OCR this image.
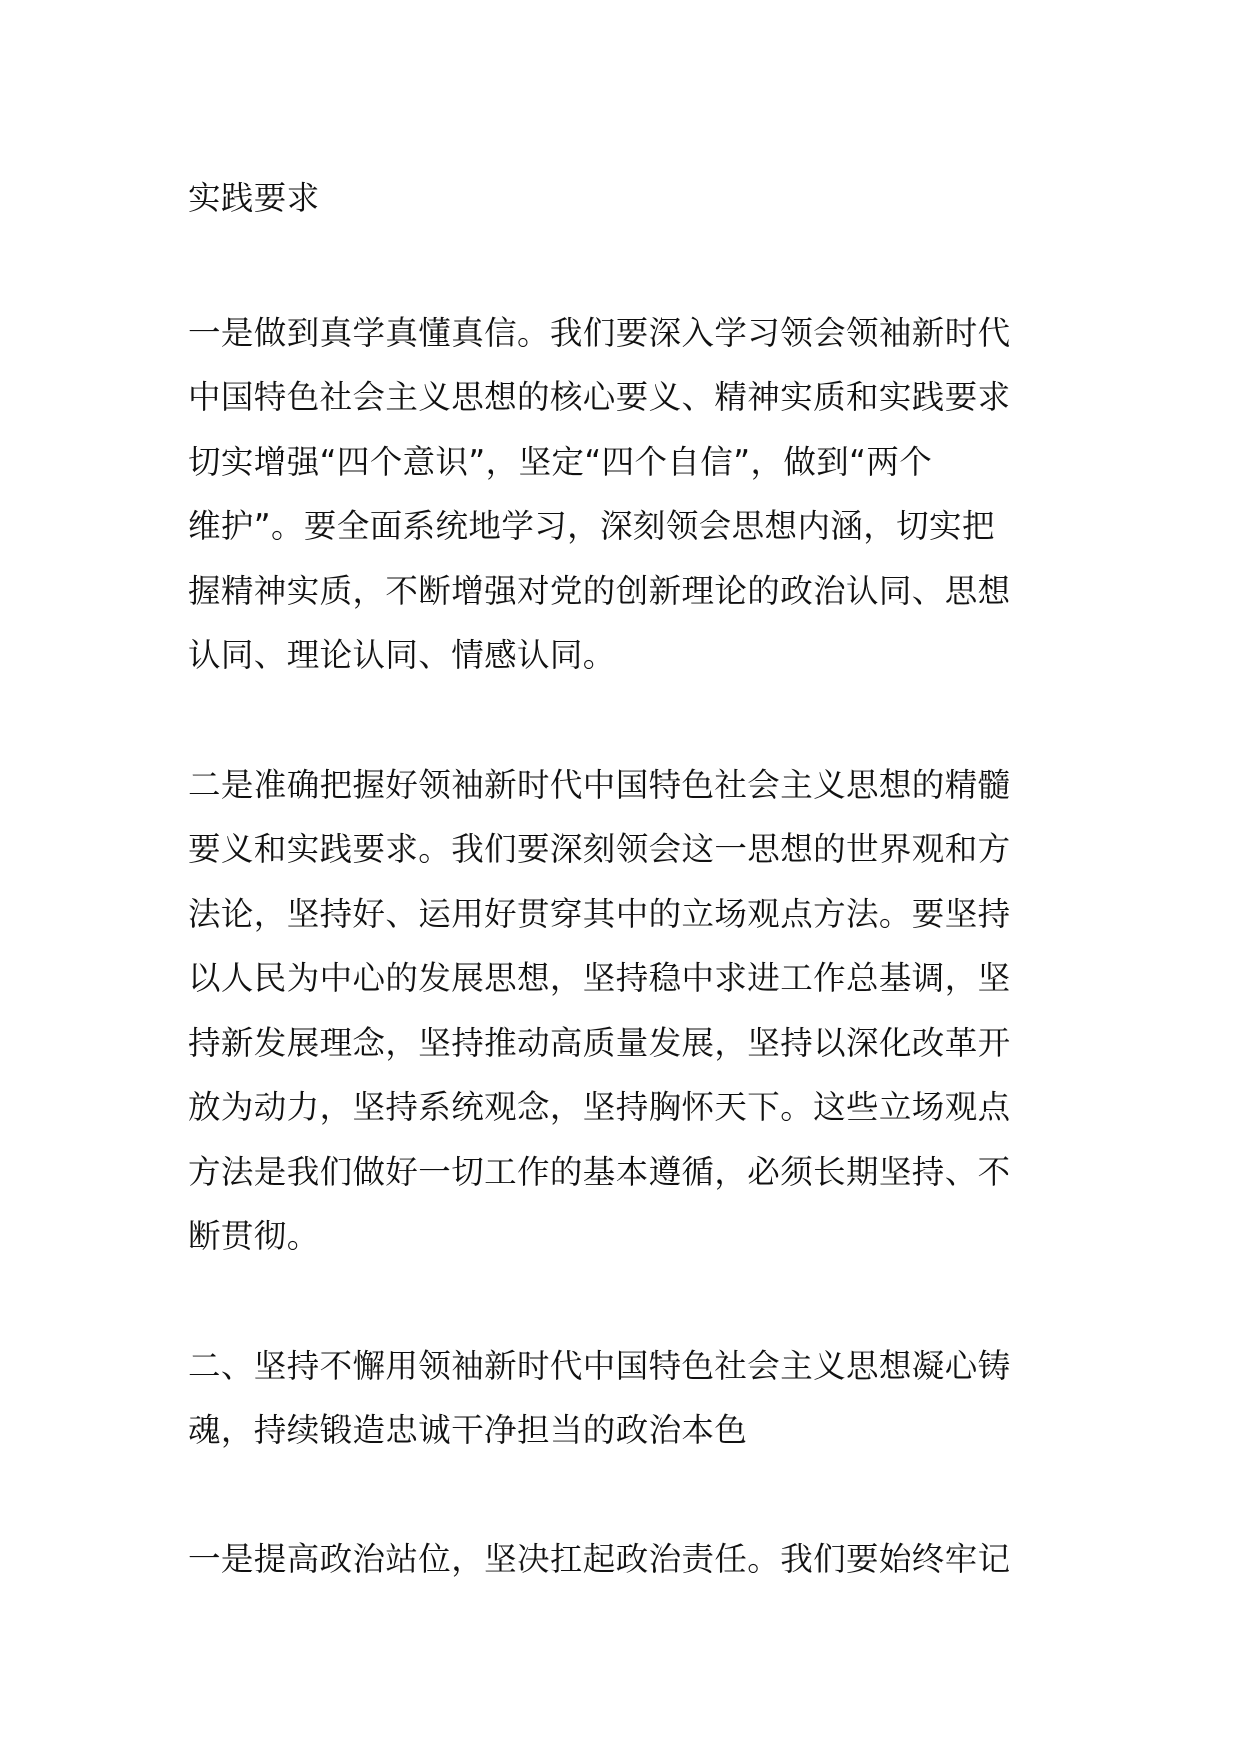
实践要求

一是做到真学真懂真信。我们要深入学习领会领袖新时代
中国特色社会主义思想的核心要义、精神实质和实践要求
切实增强“四个意识”，坚定“四个自信”，做到“两个
维护”。要全面系统地学习，深刻领会思想内涵，切实把
握精神实质，不断增强对党的创新理论的政治认同、思想
认同、理论认同、情感认同。

二是准确把握好领袖新时代中国特色社会主义思想的精髓
要义和实践要求。我们要深刻领会这一思想的世界观和方
法论，坚持好、运用好贯穿其中的立场观点方法。要坚持
以人民为中心的发展思想，坚持稳中求进工作总基调，坚
持新发展理念，坚持推动高质量发展，坚持以深化改革开
放为动力，坚持系统观念，坚持胸怀天下。这些立场观点
方法是我们做好一切工作的基本遵循，必须长期坚持、不
断贯彻。

二、坚持不懈用领袖新时代中国特色社会主义思想凝心铸
魂，持续锻造忠诚干净担当的政治本色

一是提高政治站位，坚决扛起政治责任。我们要始终牢记
